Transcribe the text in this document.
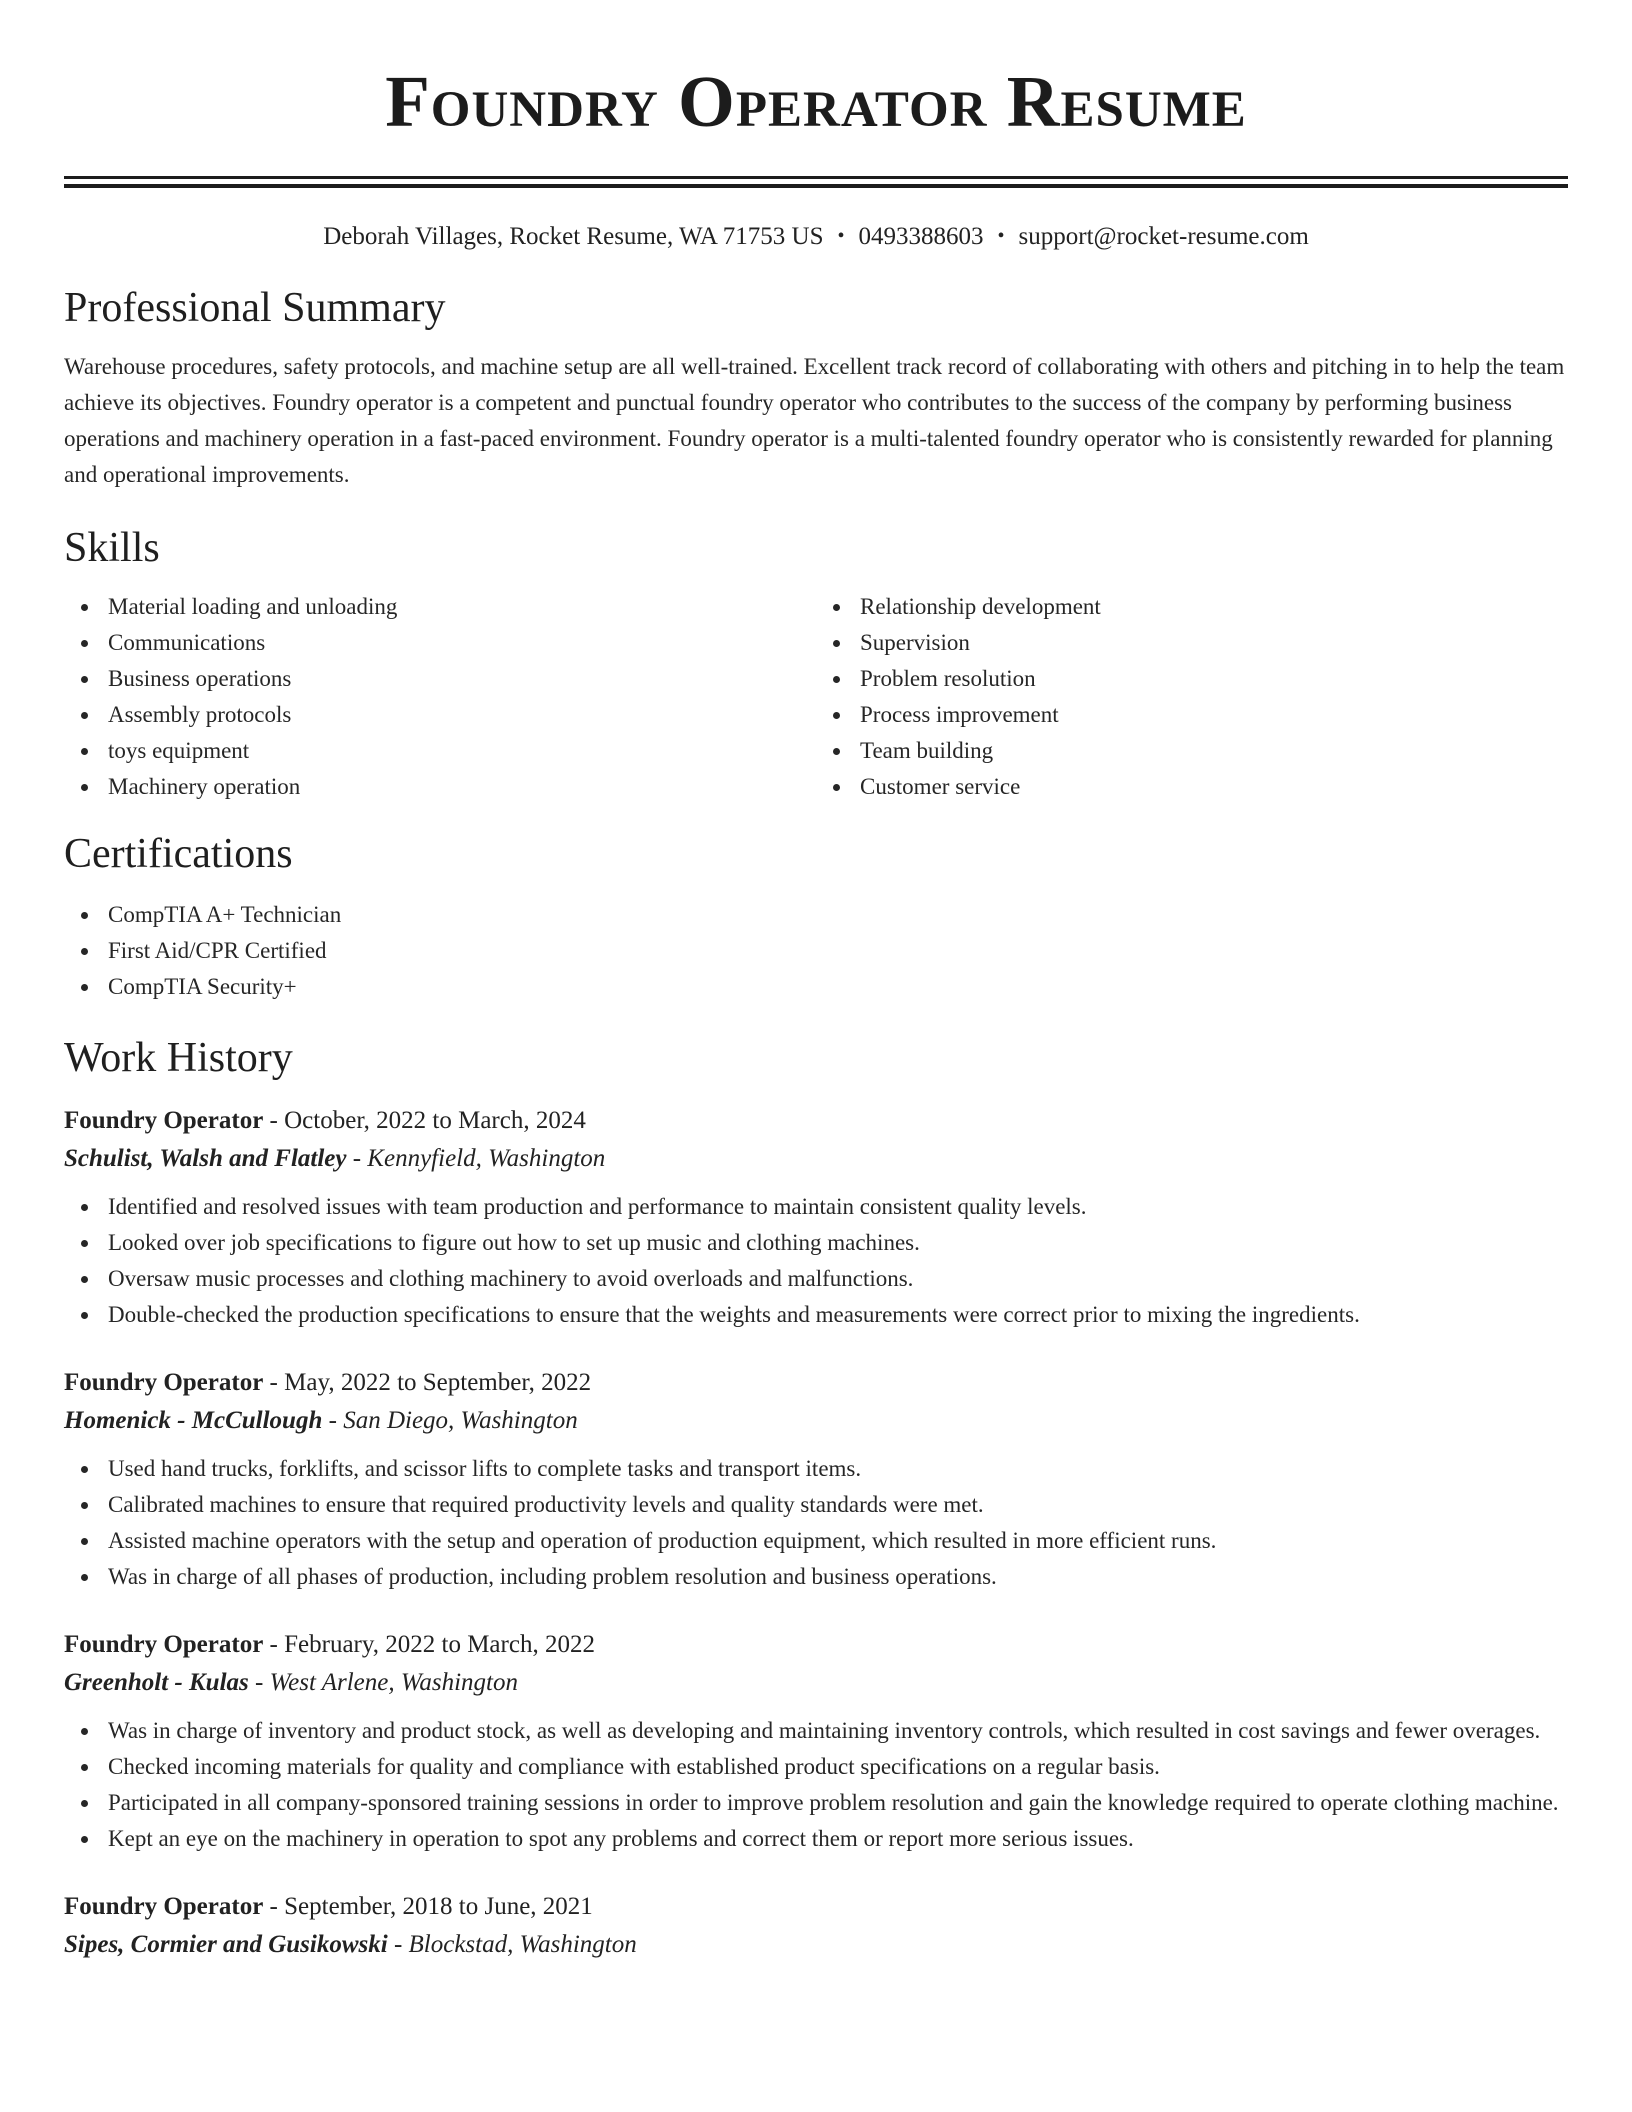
Foundry Operator Resume
Deborah Villages, Rocket Resume, WA 71753 US • 0493388603 • support@rocket-resume.com
Professional Summary

Warehouse procedures, safety protocols, and machine setup are all well-trained. Excellent track record of collaborating with others and pitching in to help the team achieve its objectives. Foundry operator is a competent and punctual foundry operator who contributes to the success of the company by performing business operations and machinery operation in a fast-paced environment. Foundry operator is a multi-talented foundry operator who is consistently rewarded for planning and operational improvements.

Skills
Material loading and unloading
Communications
Business operations
Assembly protocols
toys equipment
Machinery operation
Relationship development
Supervision
Problem resolution
Process improvement
Team building
Customer service
Certifications
CompTIA A+ Technician
First Aid/CPR Certified
CompTIA Security+
Work History
Foundry Operator - October, 2022 to March, 2024
Schulist, Walsh and Flatley - Kennyfield, Washington
Identified and resolved issues with team production and performance to maintain consistent quality levels.
Looked over job specifications to figure out how to set up music and clothing machines.
Oversaw music processes and clothing machinery to avoid overloads and malfunctions.
Double-checked the production specifications to ensure that the weights and measurements were correct prior to mixing the ingredients.
Foundry Operator - May, 2022 to September, 2022
Homenick - McCullough - San Diego, Washington
Used hand trucks, forklifts, and scissor lifts to complete tasks and transport items.
Calibrated machines to ensure that required productivity levels and quality standards were met.
Assisted machine operators with the setup and operation of production equipment, which resulted in more efficient runs.
Was in charge of all phases of production, including problem resolution and business operations.
Foundry Operator - February, 2022 to March, 2022
Greenholt - Kulas - West Arlene, Washington
Was in charge of inventory and product stock, as well as developing and maintaining inventory controls, which resulted in cost savings and fewer overages.
Checked incoming materials for quality and compliance with established product specifications on a regular basis.
Participated in all company-sponsored training sessions in order to improve problem resolution and gain the knowledge required to operate clothing machine.
Kept an eye on the machinery in operation to spot any problems and correct them or report more serious issues.
Foundry Operator - September, 2018 to June, 2021
Sipes, Cormier and Gusikowski - Blockstad, Washington
